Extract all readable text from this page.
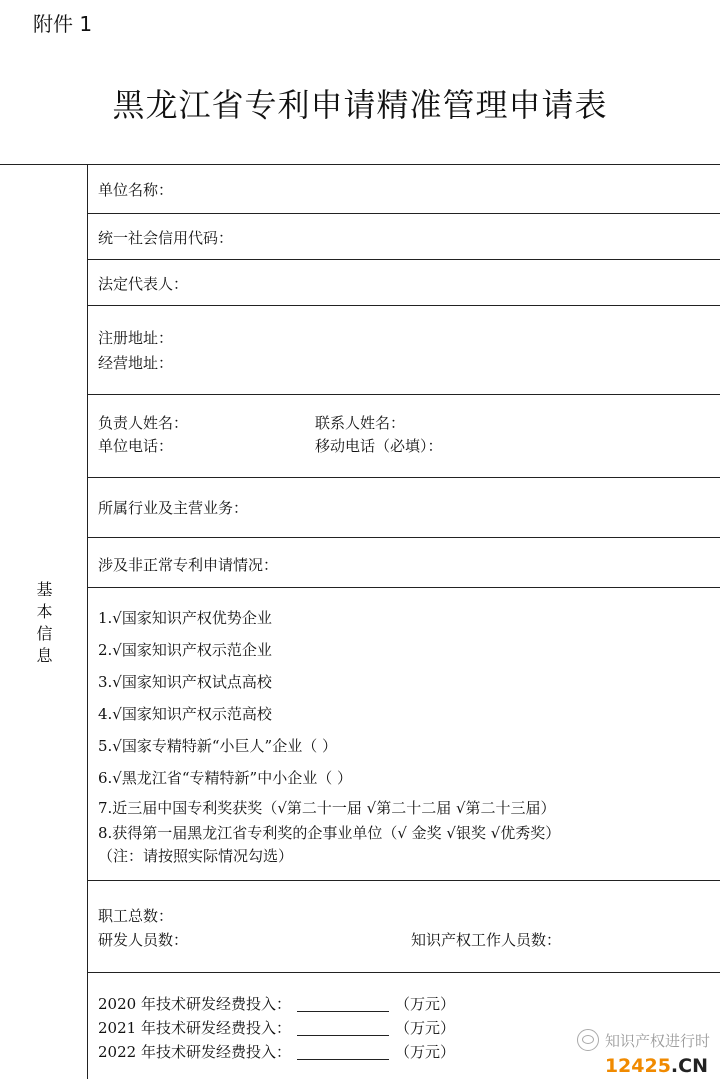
附件 1
黑龙江省专利申请精准管理申请表
基本信息
单位名称：
统一社会信用代码：
法定代表人：
注册地址：
经营地址：
负责人姓名：	联系人姓名：
单位电话：	移动电话（必填）：
所属行业及主营业务：
涉及非正常专利申请情况：
1.√国家知识产权优势企业
2.√国家知识产权示范企业
3.√国家知识产权试点高校
4.√国家知识产权示范高校
5.√国家专精特新“小巨人”企业（ ）
6.√黑龙江省“专精特新”中小企业（ ）
7.近三届中国专利奖获奖（√第二十一届 √第二十二届 √第二十三届）
8.获得第一届黑龙江省专利奖的企事业单位（√ 金奖 √银奖 √优秀奖）
（注：请按照实际情况勾选）
职工总数：
研发人员数：	知识产权工作人员数：
2020 年技术研发经费投入：	（万元）
2021 年技术研发经费投入：	（万元）
2022 年技术研发经费投入：	（万元）
知识产权进行时
12425.CN
